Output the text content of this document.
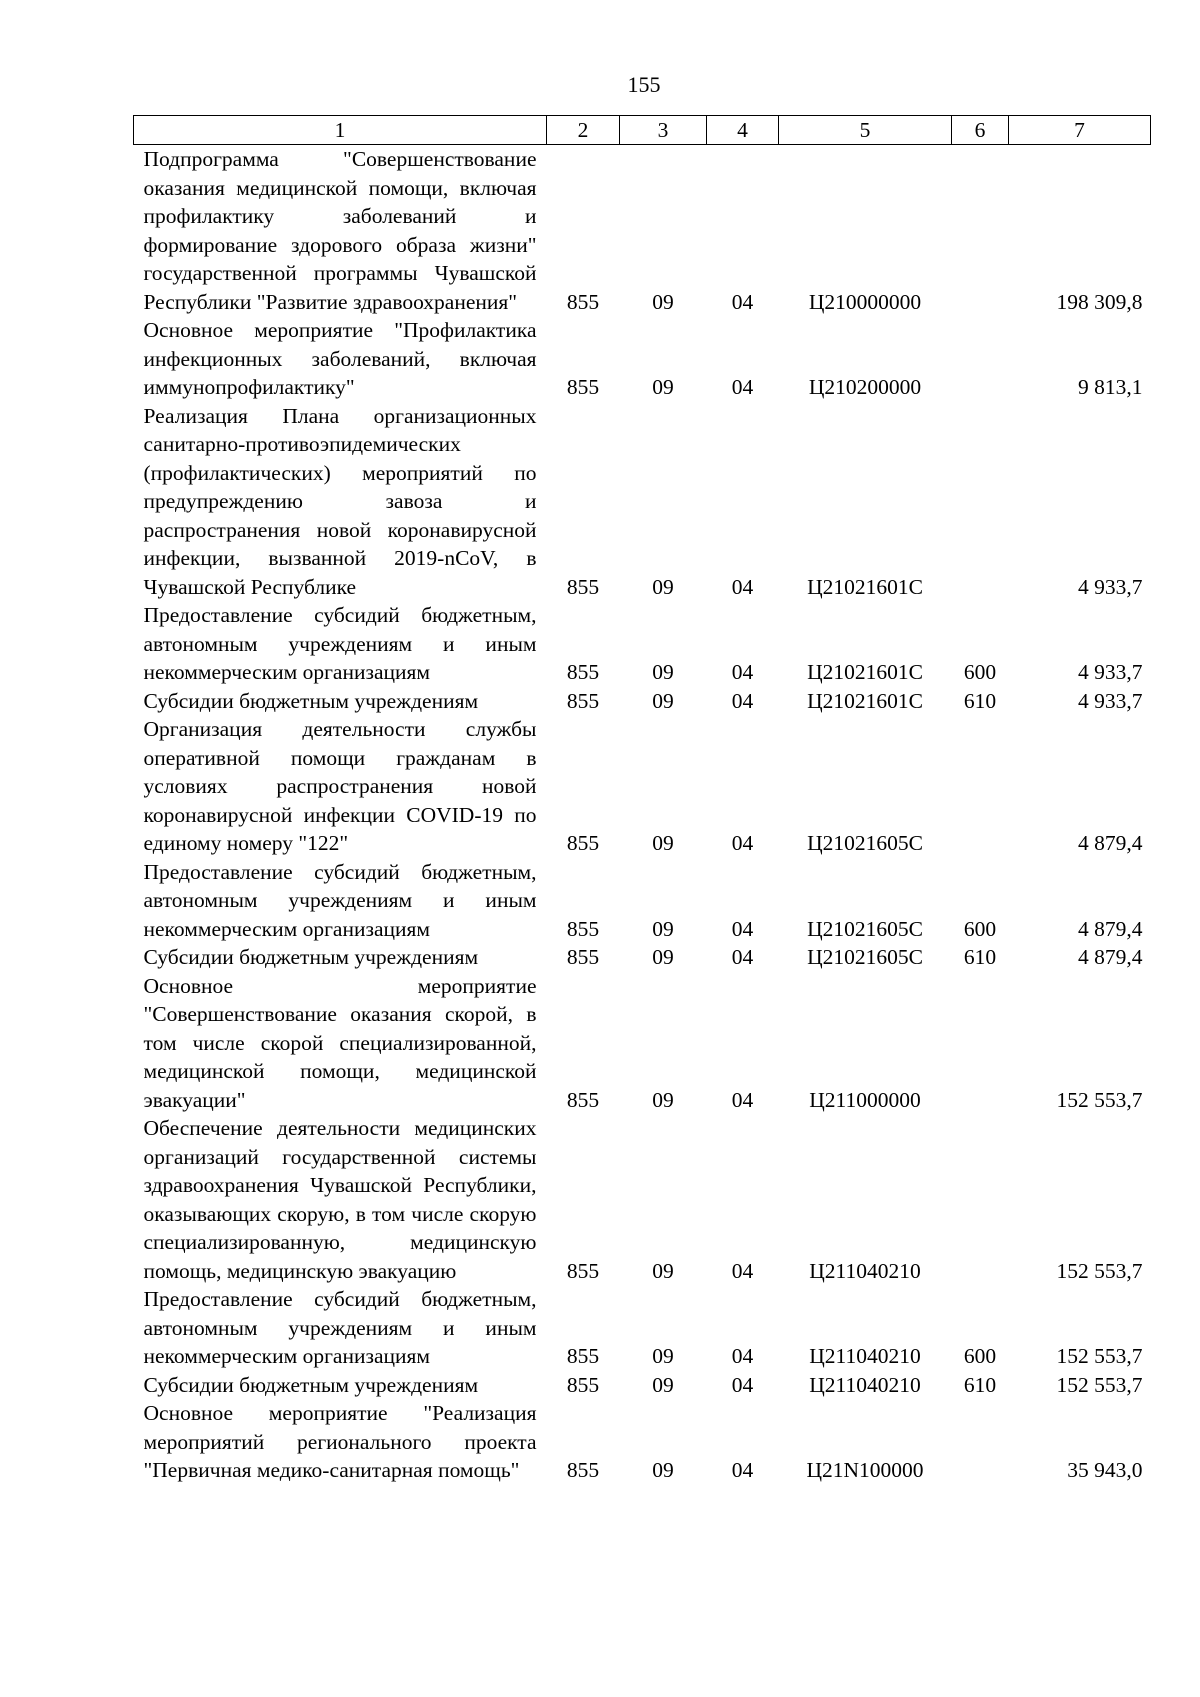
155
1	2	3	4	5	6	7
Подпрограмма "Совершенствование оказания медицинской помощи, включая профилактику заболеваний и формирование здорового образа жизни" государственной программы Чувашской Республики "Развитие здравоохранения"	855	09	04	Ц210000000		198 309,8
Основное мероприятие "Профилактика инфекционных заболеваний, включая иммунопрофилактику"	855	09	04	Ц210200000		9 813,1
Реализация Плана организационных санитарно-противоэпидемических (профилактических) мероприятий по предупреждению завоза и распространения новой коронавирусной инфекции, вызванной 2019-nCoV, в Чувашской Республике	855	09	04	Ц21021601С		4 933,7
Предоставление субсидий бюджетным, автономным учреждениям и иным некоммерческим организациям	855	09	04	Ц21021601С	600	4 933,7
Субсидии бюджетным учреждениям	855	09	04	Ц21021601С	610	4 933,7
Организация деятельности службы оперативной помощи гражданам в условиях распространения новой коронавирусной инфекции COVID-19 по единому номеру "122"	855	09	04	Ц21021605С		4 879,4
Предоставление субсидий бюджетным, автономным учреждениям и иным некоммерческим организациям	855	09	04	Ц21021605С	600	4 879,4
Субсидии бюджетным учреждениям	855	09	04	Ц21021605С	610	4 879,4
Основное мероприятие "Совершенствование оказания скорой, в том числе скорой специализированной, медицинской помощи, медицинской эвакуации"	855	09	04	Ц211000000		152 553,7
Обеспечение деятельности медицинских организаций государственной системы здравоохранения Чувашской Республики, оказывающих скорую, в том числе скорую специализированную, медицинскую помощь, медицинскую эвакуацию	855	09	04	Ц211040210		152 553,7
Предоставление субсидий бюджетным, автономным учреждениям и иным некоммерческим организациям	855	09	04	Ц211040210	600	152 553,7
Субсидии бюджетным учреждениям	855	09	04	Ц211040210	610	152 553,7
Основное мероприятие "Реализация мероприятий регионального проекта "Первичная медико-санитарная помощь"	855	09	04	Ц21N100000		35 943,0
